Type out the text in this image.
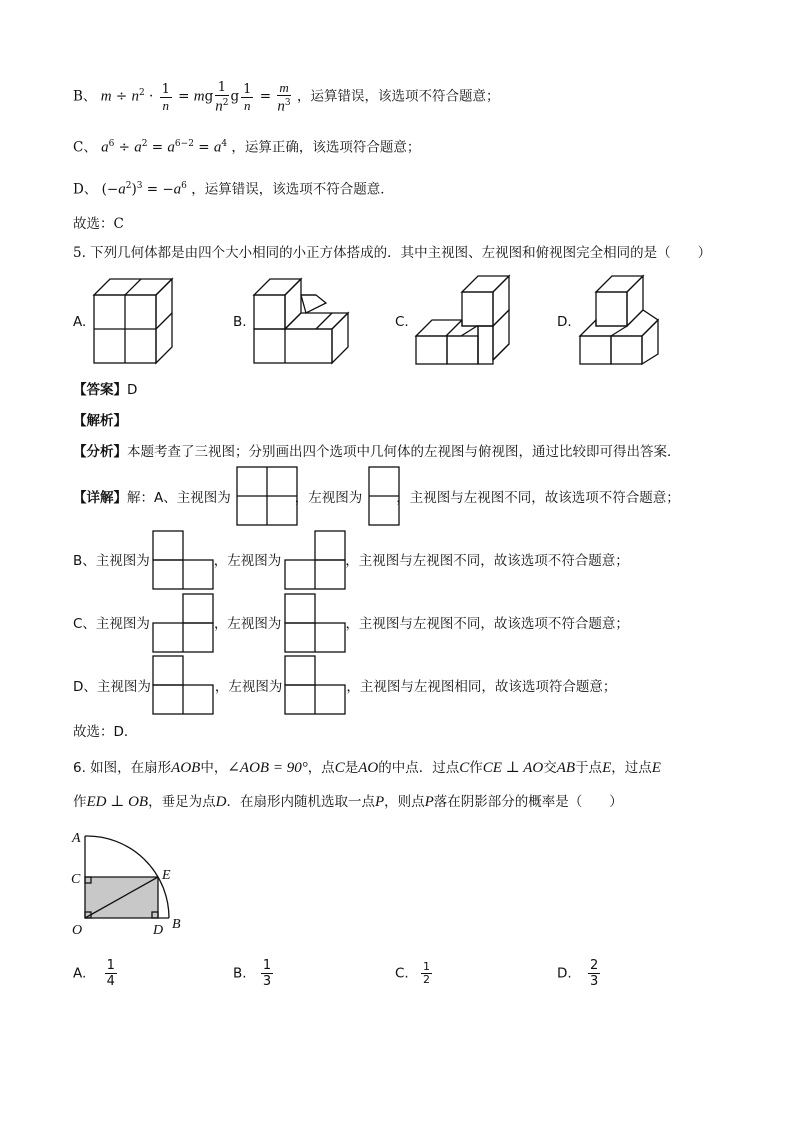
B、 $m \div n^2 \cdot \frac{1}{n}$ = mg $\frac{1}{n^2}$ g $\frac{1}{n} = \frac{m}{n^3}$ ，运算错误，该选项不符合题意；
C、 $a^6 \div a^2 = a^{6-2} = a^4$ ，运算正确，该选项符合题意；
D、 $(-a^2)^3 = -a^6$ ，运算错误，该选项不符合题意．
故选：C
5. 下列几何体都是由四个大小相同的小正方体搭成的．其中主视图、左视图和俯视图完全相同的是（　　）
A.	B.	C.	D.
【答案】D
【解析】
【分析】本题考查了三视图；分别画出四个选项中几何体的左视图与俯视图，通过比较即可得出答案．
【详解】解：A、主视图为	，左视图为	，主视图与左视图不同，故该选项不符合题意；
B、主视图为	，左视图为	，主视图与左视图不同，故该选项不符合题意；
C、主视图为	，左视图为	，主视图与左视图不同，故该选项不符合题意；
D、主视图为	，左视图为	，主视图与左视图相同，故该选项符合题意；
故选：D．
6. 如图，在扇形AOB中，∠AOB = 90°，点C是AO的中点．过点C作CE ⊥ AO交AB于点E，过点E
作ED ⊥ OB，垂足为点D．在扇形内随机选取一点P，则点P落在阴影部分的概率是（　　）
A
C	E
O	D B
A. $\frac{1}{4}$	B. $\frac{1}{3}$	C. $\frac{1}{2}$	D. $\frac{2}{3}$
